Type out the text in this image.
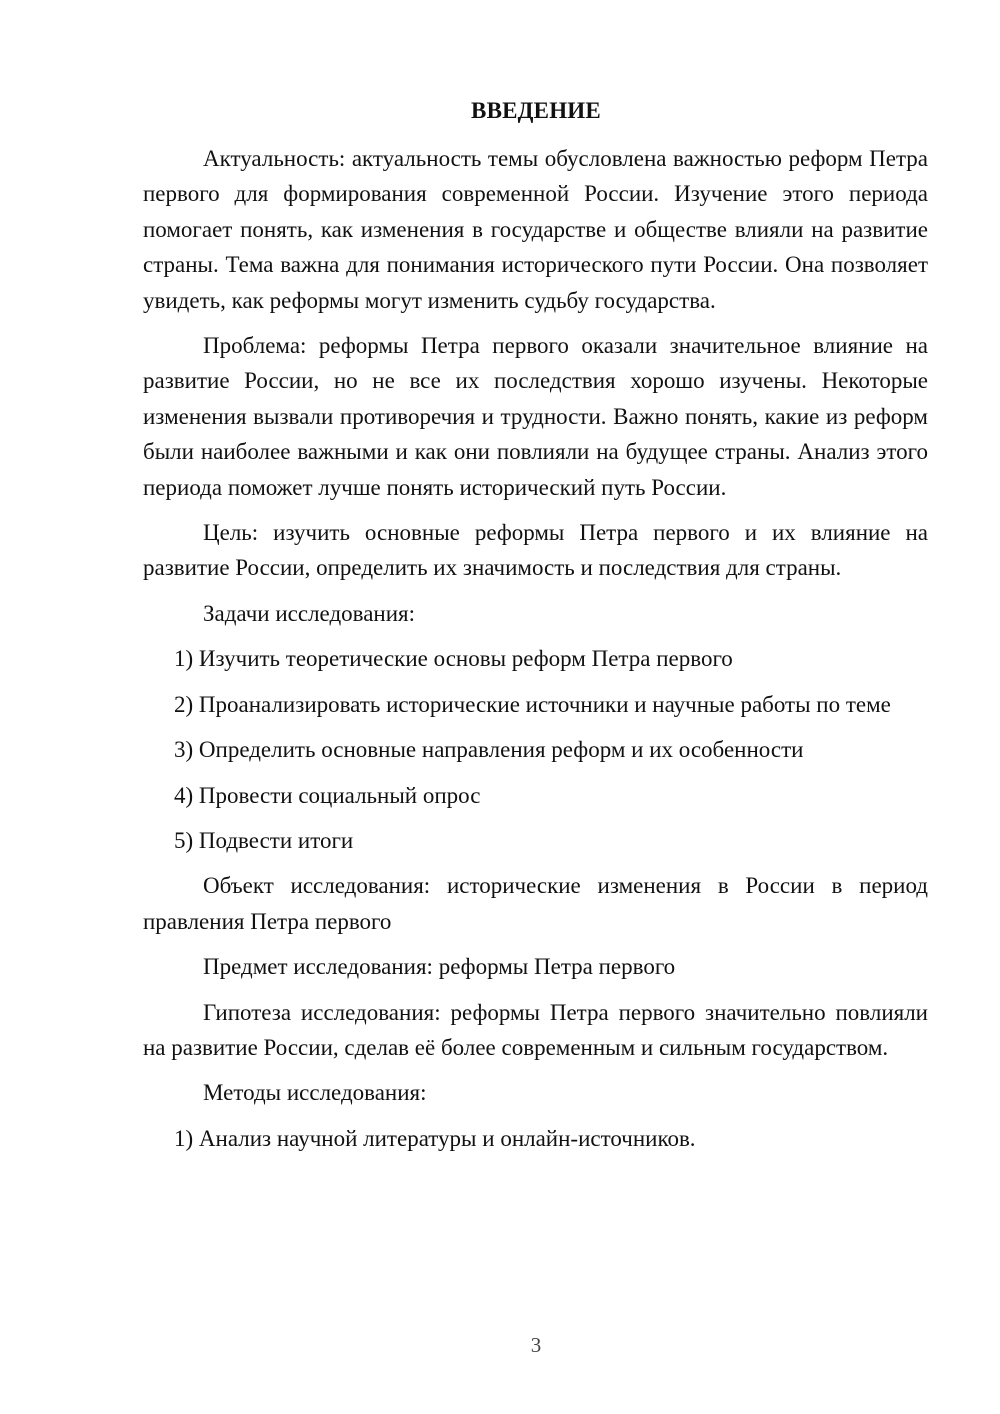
ВВЕДЕНИЕ

Актуальность: актуальность темы обусловлена важностью реформ Петра первого для формирования современной России. Изучение этого периода помогает понять, как изменения в государстве и обществе влияли на развитие страны. Тема важна для понимания исторического пути России. Она позволяет увидеть, как реформы могут изменить судьбу государства.

Проблема: реформы Петра первого оказали значительное влияние на развитие России, но не все их последствия хорошо изучены. Некоторые изменения вызвали противоречия и трудности. Важно понять, какие из реформ были наиболее важными и как они повлияли на будущее страны. Анализ этого периода поможет лучше понять исторический путь России.

Цель: изучить основные реформы Петра первого и их влияние на развитие России, определить их значимость и последствия для страны.

Задачи исследования:

1) Изучить теоретические основы реформ Петра первого

2) Проанализировать исторические источники и научные работы по теме

3) Определить основные направления реформ и их особенности

4) Провести социальный опрос

5) Подвести итоги

Объект исследования: исторические изменения в России в период правления Петра первого

Предмет исследования: реформы Петра первого

Гипотеза исследования: реформы Петра первого значительно повлияли на развитие России, сделав её более современным и сильным государством.

Методы исследования:

1) Анализ научной литературы и онлайн-источников.

3
